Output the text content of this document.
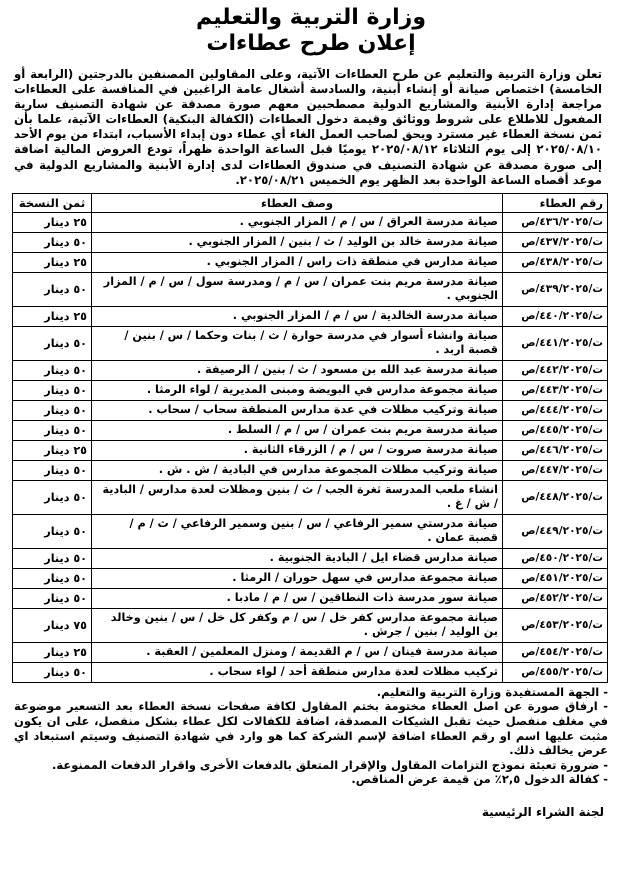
وزارة التربية والتعليم
إعلان طرح عطاءات
تعلن وزارة التربية والتعليم عن طرح العطاءات الآتية، وعلى المقاولين المصنفين بالدرجتين (الرابعة أو الخامسة) اختصاص صيانة أو إنشاء أبنية، والسادسة أشغال عامة الراغبين في المنافسة على العطاءات مراجعة إدارة الأبنية والمشاريع الدولية مصطحبين معهم صورة مصدقة عن شهادة التصنيف سارية المفعول للاطلاع على شروط ووثائق وقيمة دخول العطاءات (الكفالة البنكية) العطاءات الآتية، علما بأن ثمن نسخة العطاء غير مسترد ويحق لصاحب العمل الغاء أي عطاء دون إبداء الأسباب، ابتداء من يوم الأحد ٢٠٢٥/٠٨/١٠ إلى يوم الثلاثاء ٢٠٢٥/٠٨/١٢ يوميًا قبل الساعة الواحدة ظهراً، تودع العروض المالية اضافة إلى صورة مصدقة عن شهادة التصنيف في صندوق العطاءات لدى إدارة الأبنية والمشاريع الدولية في موعد أقصاه الساعة الواحدة بعد الظهر يوم الخميس ٢٠٢٥/٠٨/٢١.
رقم العطاء	وصف العطاء	ثمن النسخة
ت/٤٣٦/٢٠٢٥/ص	صيانة مدرسة العراق / س / م / المزار الجنوبي .	٢٥ دينار
ت/٤٣٧/٢٠٢٥/ص	صيانة مدرسة خالد بن الوليد / ث / بنين / المزار الجنوبي .	٥٠ دينار
ت/٤٣٨/٢٠٢٥/ص	صيانة مدارس في منطقة ذات راس / المزار الجنوبي .	٢٥ دينار
ت/٤٣٩/٢٠٢٥/ص	صيانة مدرسة مريم بنت عمران / س / م / ومدرسة سول / س / م / المزار الجنوبي .	٥٠ دينار
ت/٤٤٠/٢٠٢٥/ص	صيانة مدرسة الخالدية / س / م / المزار الجنوبي .	٢٥ دينار
ت/٤٤١/٢٠٢٥/ص	صيانة وانشاء أسوار في مدرسة حوارة / ث / بنات وحكما / س / بنين / قصبة اربد .	٥٠ دينار
ت/٤٤٢/٢٠٢٥/ص	صيانة مدرسة عبد الله بن مسعود / ث / بنين / الرصيفة .	٥٠ دينار
ت/٤٤٣/٢٠٢٥/ص	صيانة مجموعة مدارس في البويضة ومبنى المديرية / لواء الرمثا .	٥٠ دينار
ت/٤٤٤/٢٠٢٥/ص	صيانة وتركيب مظلات في عدة مدارس المنطقة سحاب / سحاب .	٥٠ دينار
ت/٤٤٥/٢٠٢٥/ص	صيانة مدرسة مريم بنت عمران / س / م / السلط .	٥٠ دينار
ت/٤٤٦/٢٠٢٥/ص	صيانة مدرسة صروت / س / م / الزرقاء الثانية .	٢٥ دينار
ت/٤٤٧/٢٠٢٥/ص	صيانة وتركيب مظلات المجموعة مدارس في البادية / ش . ش .	٥٠ دينار
ت/٤٤٨/٢٠٢٥/ص	انشاء ملعب المدرسة ثغرة الجب / ث / بنين ومظلات لعدة مدارس / البادية / ش / غ .	٥٠ دينار
ت/٤٤٩/٢٠٢٥/ص	صيانة مدرستي سمير الرفاعي / س / بنين وسمير الرفاعي / ث / م / قصبة عمان .	٥٠ دينار
ت/٤٥٠/٢٠٢٥/ص	صيانة مدارس قضاء ايل / البادية الجنوبية .	٥٠ دينار
ت/٤٥١/٢٠٢٥/ص	صيانة مجموعة مدارس في سهل حوران / الرمثا .	٥٠ دينار
ت/٤٥٢/٢٠٢٥/ص	صيانة سور مدرسة ذات النطاقين / س / م / مادبا .	٥٠ دينار
ت/٤٥٣/٢٠٢٥/ص	صيانة مجموعة مدارس كفر خل / س / م وكفر كل خل / س / بنين وخالد بن الوليد / بنين / جرش .	٧٥ دينار
ت/٤٥٤/٢٠٢٥/ص	صيانة مدرسة فينان / س / م القديمة / ومنزل المعلمين / العقبة .	٢٥ دينار
ت/٤٥٥/٢٠٢٥/ص	تركيب مظلات لعدة مدارس منطقة أحد / لواء سحاب .	٥٠ دينار
- الجهة المستفيدة وزارة التربية والتعليم.
- ارفاق صورة عن اصل العطاء مختومة بختم المقاول لكافة صفحات نسخة العطاء بعد التسعير موضوعة في مغلف منفصل حيث تقبل الشيكات المصدقة، اضافة للكفالات لكل عطاء بشكل منفصل، على ان يكون مثبت عليها اسم او رقم العطاء اضافة لإسم الشركة كما هو وارد في شهادة التصنيف وسيتم استبعاد اي عرض يخالف ذلك.
- ضرورة تعبئة نموذج التزامات المقاول والإقرار المتعلق بالدفعات الأخرى واقرار الدفعات الممنوعة.
- كفالة الدخول ٢,٥٪ من قيمة عرض المناقص.
لجنة الشراء الرئيسية
